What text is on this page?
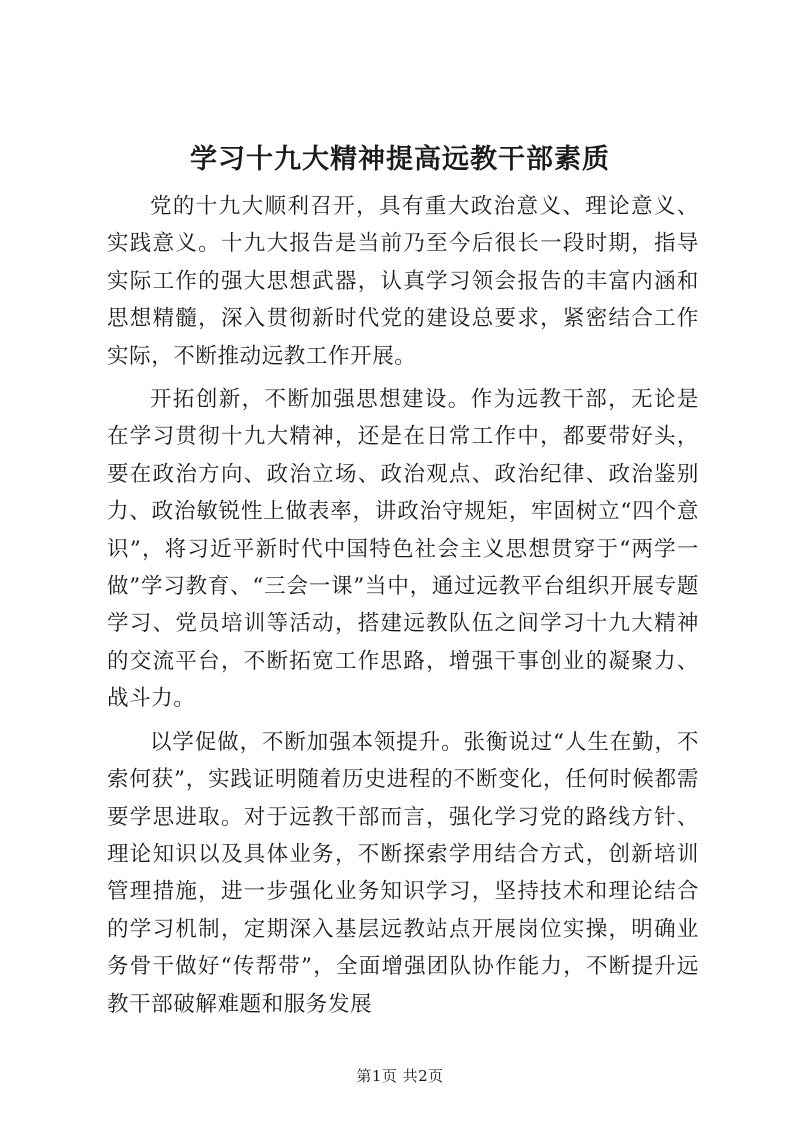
学习十九大精神提高远教干部素质

党的十九大顺利召开，具有重大政治意义、理论意义、实践意义。十九大报告是当前乃至今后很长一段时期，指导实际工作的强大思想武器，认真学习领会报告的丰富内涵和思想精髓，深入贯彻新时代党的建设总要求，紧密结合工作实际，不断推动远教工作开展。

开拓创新，不断加强思想建设。作为远教干部，无论是在学习贯彻十九大精神，还是在日常工作中，都要带好头，要在政治方向、政治立场、政治观点、政治纪律、政治鉴别力、政治敏锐性上做表率，讲政治守规矩，牢固树立“四个意识”，将习近平新时代中国特色社会主义思想贯穿于“两学一做”学习教育、“三会一课”当中，通过远教平台组织开展专题学习、党员培训等活动，搭建远教队伍之间学习十九大精神的交流平台，不断拓宽工作思路，增强干事创业的凝聚力、战斗力。

以学促做，不断加强本领提升。张衡说过“人生在勤，不索何获”，实践证明随着历史进程的不断变化，任何时候都需要学思进取。对于远教干部而言，强化学习党的路线方针、理论知识以及具体业务，不断探索学用结合方式，创新培训管理措施，进一步强化业务知识学习，坚持技术和理论结合的学习机制，定期深入基层远教站点开展岗位实操，明确业务骨干做好“传帮带”，全面增强团队协作能力，不断提升远教干部破解难题和服务发展

第1页 共2页
